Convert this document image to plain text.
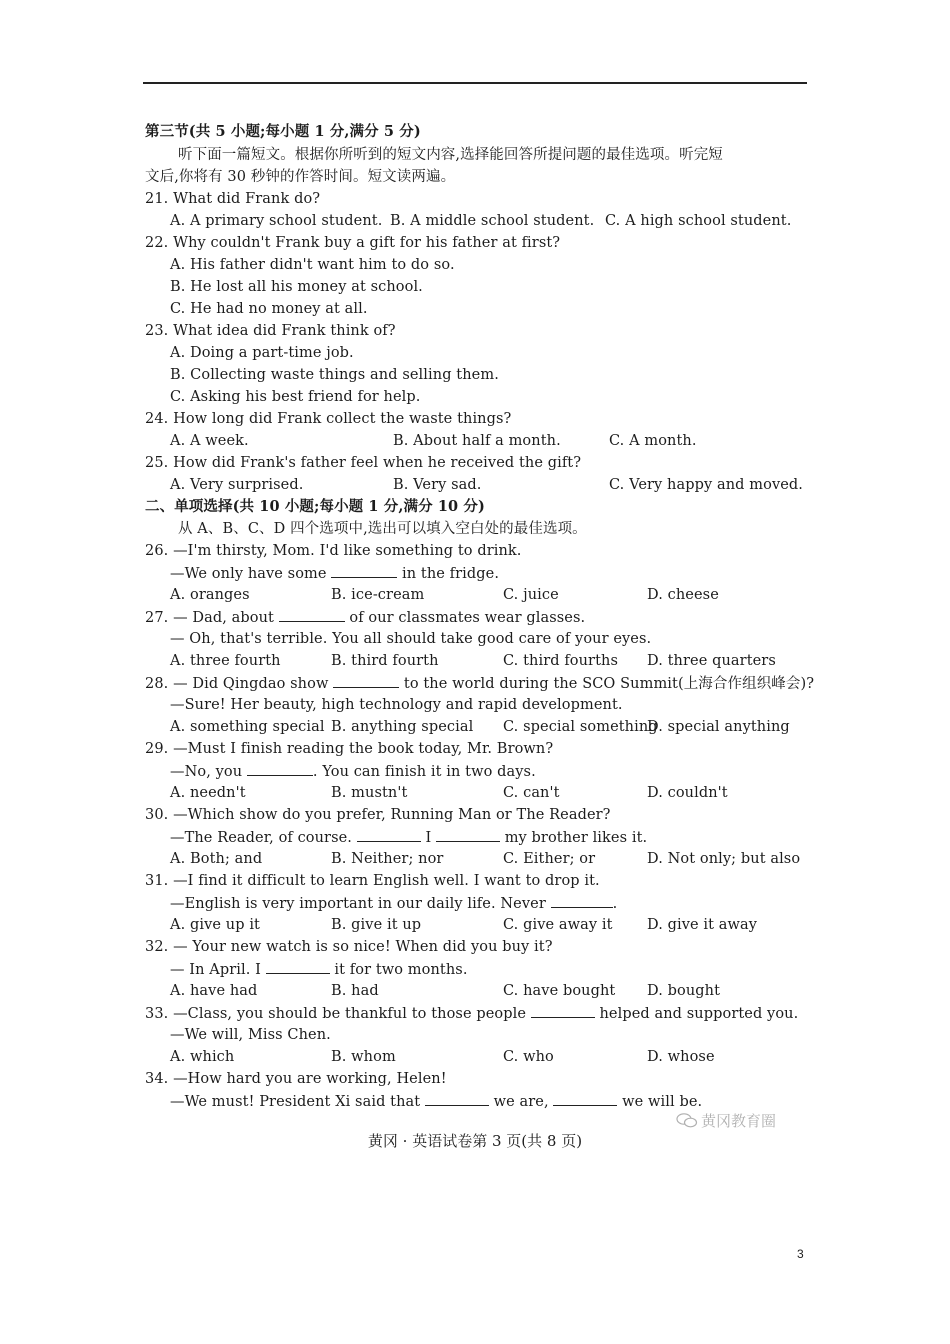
第三节(共 5 小题;每小题 1 分,满分 5 分)
听下面一篇短文。根据你所听到的短文内容,选择能回答所提问题的最佳选项。听完短
文后,你将有 30 秒钟的作答时间。短文读两遍。
21. What did Frank do?
A. A primary school student. B. A middle school student. C. A high school student.
22. Why couldn't Frank buy a gift for his father at first?
A. His father didn't want him to do so.
B. He lost all his money at school.
C. He had no money at all.
23. What idea did Frank think of?
A. Doing a part-time job.
B. Collecting waste things and selling them.
C. Asking his best friend for help.
24. How long did Frank collect the waste things?
A. A week.	B. About half a month.	C. A month.
25. How did Frank's father feel when he received the gift?
A. Very surprised.	B. Very sad.	C. Very happy and moved.
二、单项选择(共 10 小题;每小题 1 分,满分 10 分)
从 A、B、C、D 四个选项中,选出可以填入空白处的最佳选项。
26. —I'm thirsty, Mom. I'd like something to drink.
—We only have some	in the fridge.
A. oranges	B. ice-cream	C. juice	D. cheese
27. — Dad, about	of our classmates wear glasses.
— Oh, that's terrible. You all should take good care of your eyes.
A. three fourth	B. third fourth	C. third fourths D. three quarters
28. — Did Qingdao show	to the world during the SCO Summit(上海合作组织峰会)?
—Sure! Her beauty, high technology and rapid development.
A. something special B. anything special C. special something
D. special anything
29. —Must I finish reading the book today, Mr. Brown?
—No, you	. You can finish it in two days.
A. needn't	B. mustn't	C. can't	D. couldn't
30. —Which show do you prefer, Running Man or The Reader?
—The Reader, of course.	I	my brother likes it.
A. Both; and	B. Neither; nor	C. Either; or	D. Not only; but also
31. —I find it difficult to learn English well. I want to drop it.
—English is very important in our daily life. Never	.
A. give up it	B. give it up	C. give away it D. give it away
32. — Your new watch is so nice! When did you buy it?
— In April. I	it for two months.
A. have had	B. had	C. have bought D. bought
33. —Class, you should be thankful to those people	helped and supported you.
—We will, Miss Chen.
A. which	B. whom	C. who	D. whose
34. —How hard you are working, Helen!
—We must! President Xi said that	we are,	we will be.
黄冈教育圈
黄冈 · 英语试卷第 3 页(共 8 页)
3
